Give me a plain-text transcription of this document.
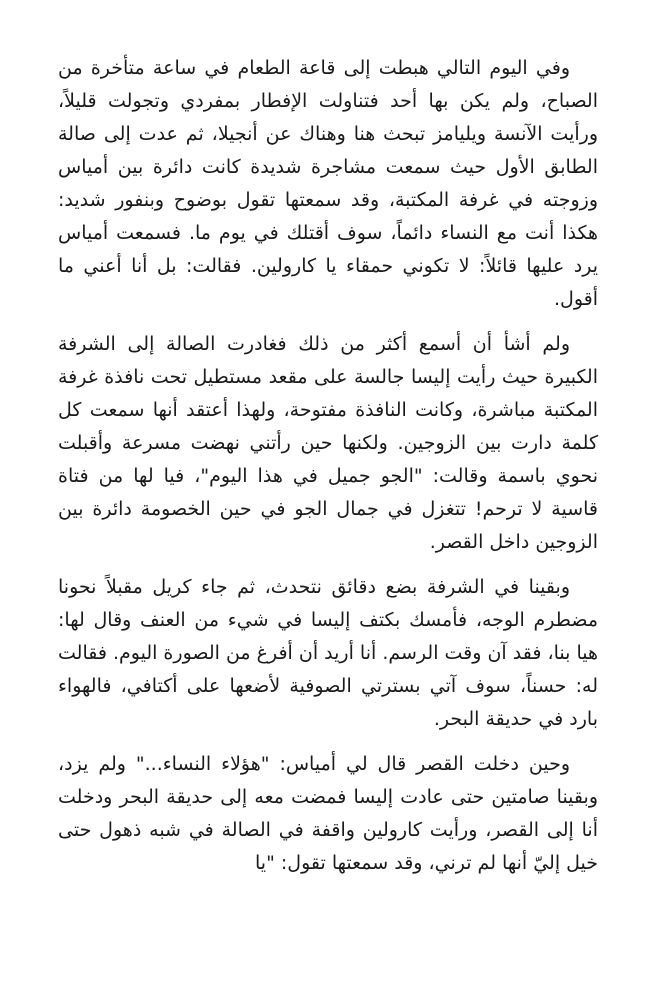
وفي اليوم التالي هبطت إلى قاعة الطعام في ساعة متأخرة من الصباح، ولم يكن بها أحد فتناولت الإفطار بمفردي وتجولت قليلاً، ورأيت الآنسة ويليامز تبحث هنا وهناك عن أنجيلا، ثم عدت إلى صالة الطابق الأول حيث سمعت مشاجرة شديدة كانت دائرة بين أمياس وزوجته في غرفة المكتبة، وقد سمعتها تقول بوضوح وبنفور شديد: هكذا أنت مع النساء دائماً، سوف أقتلك في يوم ما. فسمعت أمياس يرد عليها قائلاً: لا تكوني حمقاء يا كارولين. فقالت: بل أنا أعني ما أقول.

ولم أشأ أن أسمع أكثر من ذلك فغادرت الصالة إلى الشرفة الكبيرة حيث رأيت إليسا جالسة على مقعد مستطيل تحت نافذة غرفة المكتبة مباشرة، وكانت النافذة مفتوحة، ولهذا أعتقد أنها سمعت كل كلمة دارت بين الزوجين. ولكنها حين رأتني نهضت مسرعة وأقبلت نحوي باسمة وقالت: "الجو جميل في هذا اليوم"، فيا لها من فتاة قاسية لا ترحم! تتغزل في جمال الجو في حين الخصومة دائرة بين الزوجين داخل القصر.

وبقينا في الشرفة بضع دقائق نتحدث، ثم جاء كريل مقبلاً نحونا مضطرم الوجه، فأمسك بكتف إليسا في شيء من العنف وقال لها: هيا بنا، فقد آن وقت الرسم. أنا أريد أن أفرغ من الصورة اليوم. فقالت له: حسناً، سوف آتي بسترتي الصوفية لأضعها على أكتافي، فالهواء بارد في حديقة البحر.

وحين دخلت القصر قال لي أمياس: "هؤلاء النساء..." ولم يزد، وبقينا صامتين حتى عادت إليسا فمضت معه إلى حديقة البحر ودخلت أنا إلى القصر، ورأيت كارولين واقفة في الصالة في شبه ذهول حتى خيل إليّ أنها لم ترني، وقد سمعتها تقول: "يا
